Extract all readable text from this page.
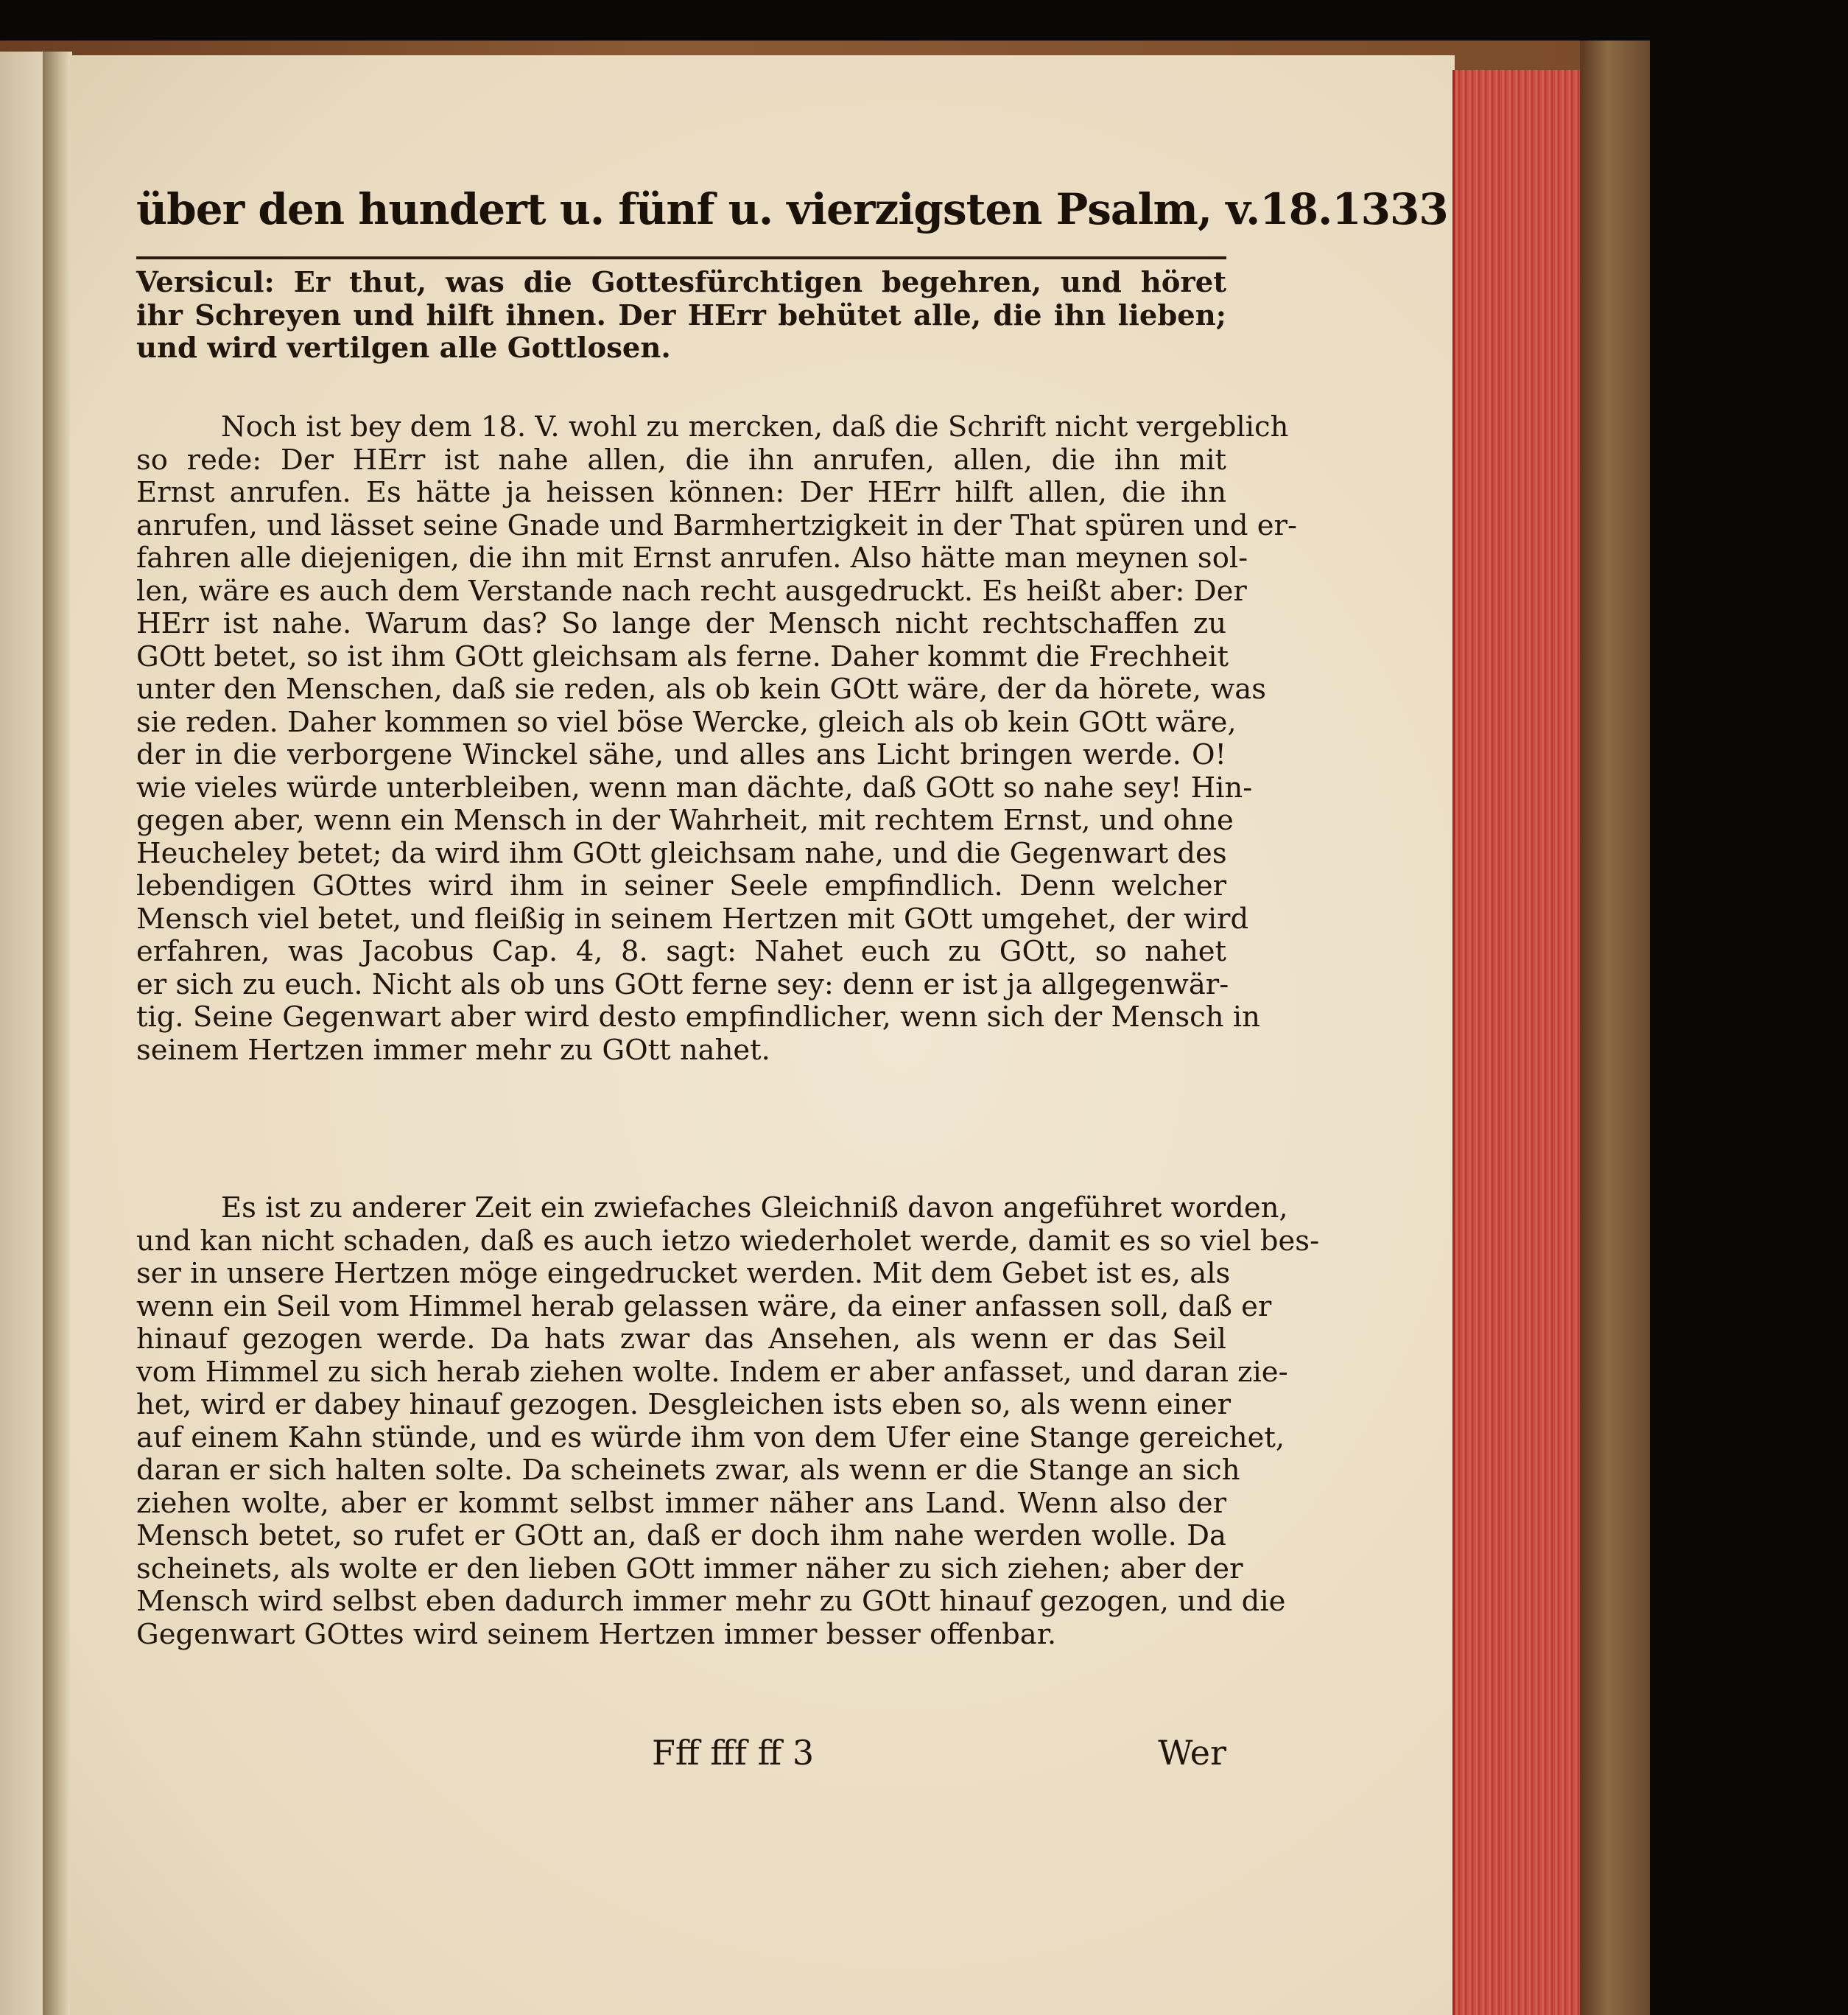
über den hundert u. fünf u. vierzigsten Psalm, v.18. 1333
Versicul: Er thut, was die Gottesfürchtigen begehren, und höret
ihr Schreyen und hilft ihnen. Der HErr behütet alle, die ihn lieben;
und wird vertilgen alle Gottlosen.
Noch ist bey dem 18. V. wohl zu mercken, daß die Schrift nicht vergeblich
so rede: Der HErr ist nahe allen, die ihn anrufen, allen, die ihn mit
Ernst anrufen. Es hätte ja heissen können: Der HErr hilft allen, die ihn
anrufen, und lässet seine Gnade und Barmhertzigkeit in der That spüren und er-
fahren alle diejenigen, die ihn mit Ernst anrufen. Also hätte man meynen sol-
len, wäre es auch dem Verstande nach recht ausgedruckt. Es heißt aber: Der
HErr ist nahe. Warum das? So lange der Mensch nicht rechtschaffen zu
GOtt betet, so ist ihm GOtt gleichsam als ferne. Daher kommt die Frechheit
unter den Menschen, daß sie reden, als ob kein GOtt wäre, der da hörete, was
sie reden. Daher kommen so viel böse Wercke, gleich als ob kein GOtt wäre,
der in die verborgene Winckel sähe, und alles ans Licht bringen werde. O!
wie vieles würde unterbleiben, wenn man dächte, daß GOtt so nahe sey! Hin-
gegen aber, wenn ein Mensch in der Wahrheit, mit rechtem Ernst, und ohne
Heucheley betet; da wird ihm GOtt gleichsam nahe, und die Gegenwart des
lebendigen GOttes wird ihm in seiner Seele empfindlich. Denn welcher
Mensch viel betet, und fleißig in seinem Hertzen mit GOtt umgehet, der wird
erfahren, was Jacobus Cap. 4, 8. sagt: Nahet euch zu GOtt, so nahet
er sich zu euch. Nicht als ob uns GOtt ferne sey: denn er ist ja allgegenwär-
tig. Seine Gegenwart aber wird desto empfindlicher, wenn sich der Mensch in
seinem Hertzen immer mehr zu GOtt nahet.
Es ist zu anderer Zeit ein zwiefaches Gleichniß davon angeführet worden,
und kan nicht schaden, daß es auch ietzo wiederholet werde, damit es so viel bes-
ser in unsere Hertzen möge eingedrucket werden. Mit dem Gebet ist es, als
wenn ein Seil vom Himmel herab gelassen wäre, da einer anfassen soll, daß er
hinauf gezogen werde. Da hats zwar das Ansehen, als wenn er das Seil
vom Himmel zu sich herab ziehen wolte. Indem er aber anfasset, und daran zie-
het, wird er dabey hinauf gezogen. Desgleichen ists eben so, als wenn einer
auf einem Kahn stünde, und es würde ihm von dem Ufer eine Stange gereichet,
daran er sich halten solte. Da scheinets zwar, als wenn er die Stange an sich
ziehen wolte, aber er kommt selbst immer näher ans Land. Wenn also der
Mensch betet, so rufet er GOtt an, daß er doch ihm nahe werden wolle. Da
scheinets, als wolte er den lieben GOtt immer näher zu sich ziehen; aber der
Mensch wird selbst eben dadurch immer mehr zu GOtt hinauf gezogen, und die
Gegenwart GOttes wird seinem Hertzen immer besser offenbar.
Fff fff ff 3	Wer
